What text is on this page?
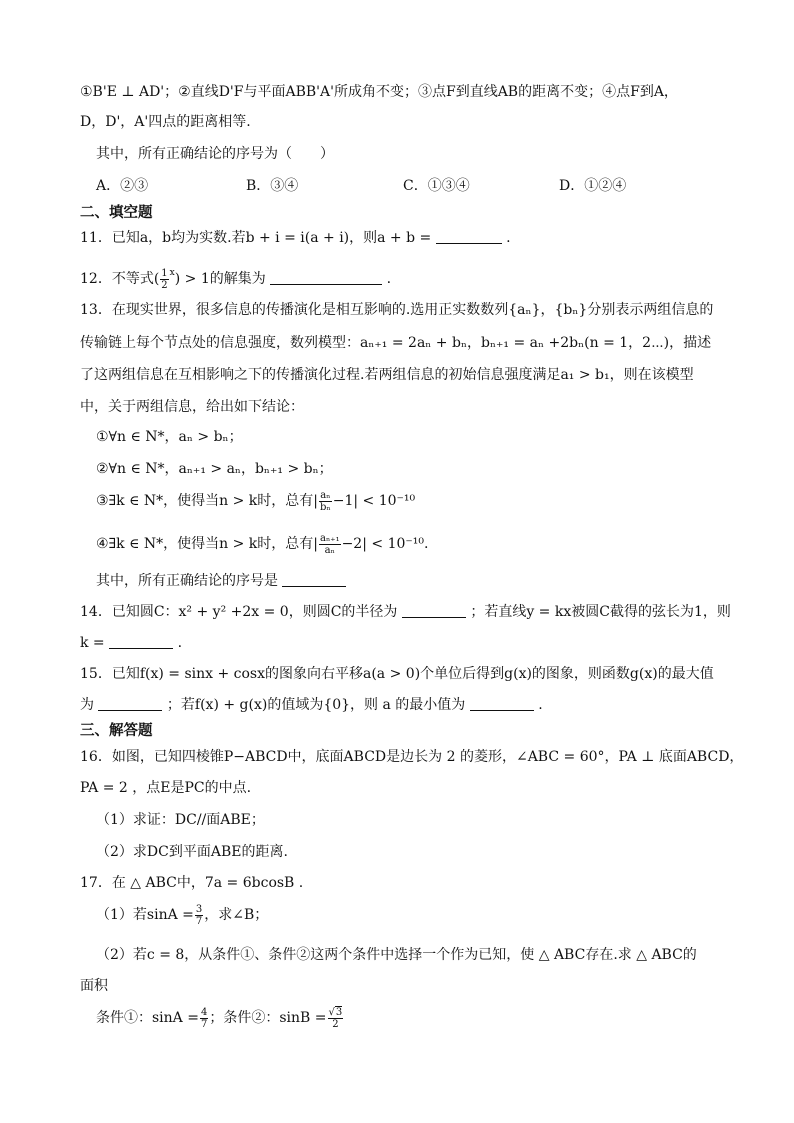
①B'E ⊥ AD'；②直线D'F与平面ABB'A'所成角不变；③点F到直线AB的距离不变；④点F到A，
D，D'，A'四点的距离相等.
其中，所有正确结论的序号为（　　）
A．②③	B．③④	C．①③④	D．①②④
二、填空题
11．已知a，b均为实数.若b + i = i(a + i)，则a + b =	.
12．不等式( $\frac{1}{2} ^x) > 1$的解集为	.
13．在现实世界，很多信息的传播演化是相互影响的.选用正实数数列{aₙ}，{bₙ}分别表示两组信息的
传输链上每个节点处的信息强度，数列模型：aₙ₊₁ = 2aₙ + bₙ，bₙ₊₁ = aₙ +2bₙ(n = 1，2⋯)，描述
了这两组信息在互相影响之下的传播演化过程.若两组信息的初始信息强度满足a₁ > b₁，则在该模型
中，关于两组信息，给出如下结论：
①∀n ∈ N*，aₙ > bₙ；
②∀n ∈ N*，aₙ₊₁ > aₙ，bₙ₊₁ > bₙ；
③∃k ∈ N*，使得当n > k时，总有| $\frac{\text{aₙ}}{\text{bₙ}} -1| < 10^{-10}$
④∃k ∈ N*，使得当n > k时，总有| $\frac{\text{aₙ₊₁}}{\text{aₙ}} -2| < 10^{-10}$.
其中，所有正确结论的序号是
14．已知圆C：x² + y² +2x = 0，则圆C的半径为	；若直线y = kx被圆C截得的弦长为1，则
k =	.
15．已知f(x) = sinx + cosx的图象向右平移a(a > 0)个单位后得到g(x)的图象，则函数g(x)的最大值
为	；若f(x) + g(x)的值域为{0}，则 a 的最小值为	.
三、解答题
16．如图，已知四棱锥P−ABCD中，底面ABCD是边长为 2 的菱形，∠ABC = 60°，PA ⊥ 底面ABCD，
PA = 2 ，点E是PC的中点.
（1）求证：DC//面ABE；
（2）求DC到平面ABE的距离.
17．在 △ ABC中，7a = 6bcosB .
（1）若$\sin A = \frac{3}{7}$ ，求∠B；
（2）若c = 8，从条件①、条件②这两个条件中选择一个作为已知，使 △ ABC存在.求 △ ABC的
面积
条件①：$\sin A = \frac{4}{7}$ ；条件②：$\sin B = \frac{√3}{2}$
